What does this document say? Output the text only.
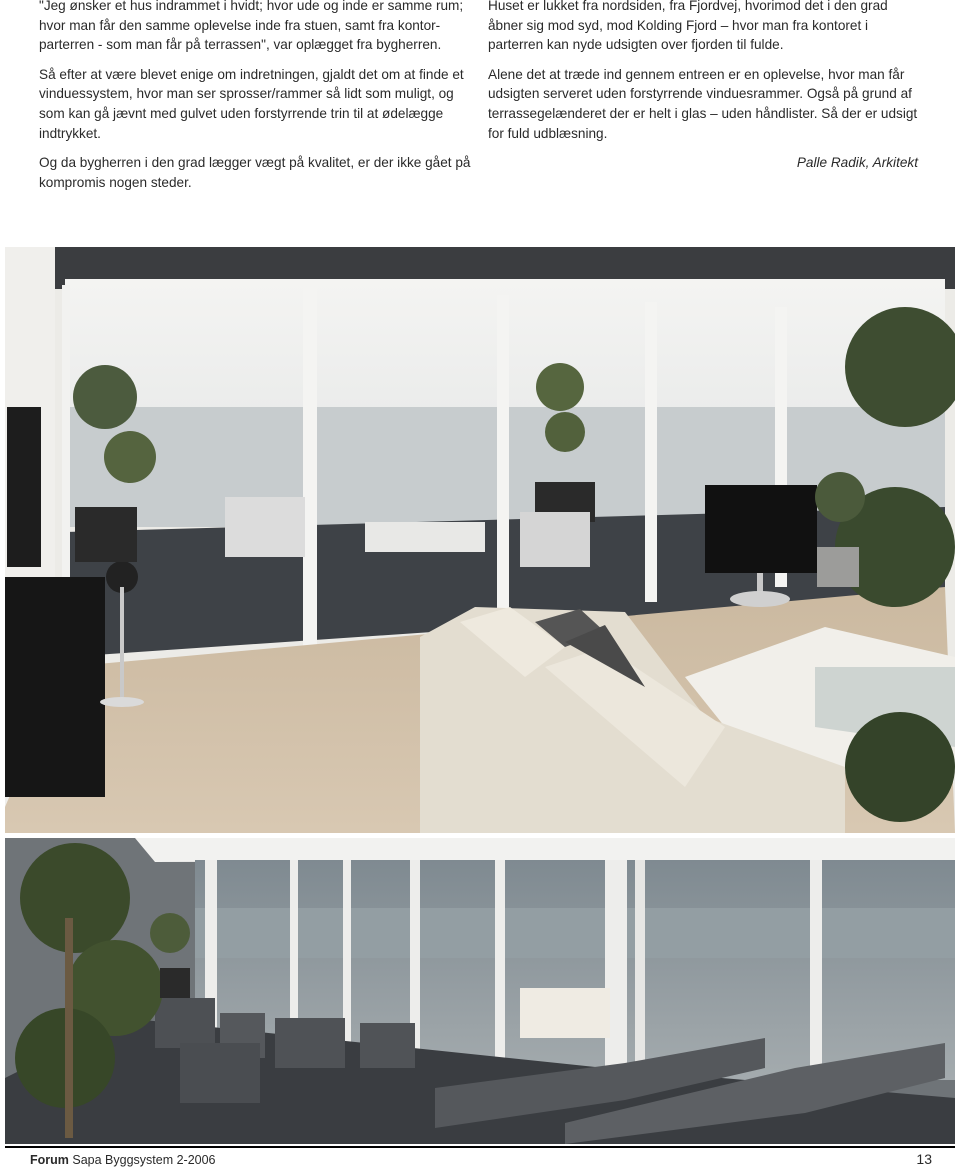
"Jeg ønsker et hus indrammet i hvidt; hvor ude og inde er samme rum; hvor man får den samme oplevelse inde fra stuen, samt fra kontor-parterren - som man får på terrassen", var oplægget fra bygherren.

Så efter at være blevet enige om indretningen, gjaldt det om at finde et vinduessystem, hvor man ser sprosser/rammer så lidt som muligt, og som kan gå jævnt med gulvet uden forstyrrende trin til at ødelægge indtrykket.

Og da bygherren i den grad lægger vægt på kvalitet, er der ikke gået på kompromis nogen steder.

Huset er lukket fra nordsiden, fra Fjordvej, hvorimod det i den grad åbner sig mod syd, mod Kolding Fjord – hvor man fra kontoret i parterren kan nyde udsigten over fjorden til fulde.

Alene det at træde ind gennem entreen er en oplevelse, hvor man får udsigten serveret uden forstyrrende vinduesrammer. Også på grund af terrassegelænderet der er helt i glas – uden håndlister. Så der er udsigt for fuld udblæsning.

Palle Radik, Arkitekt
Forum Sapa Byggsystem 2-2006	13
